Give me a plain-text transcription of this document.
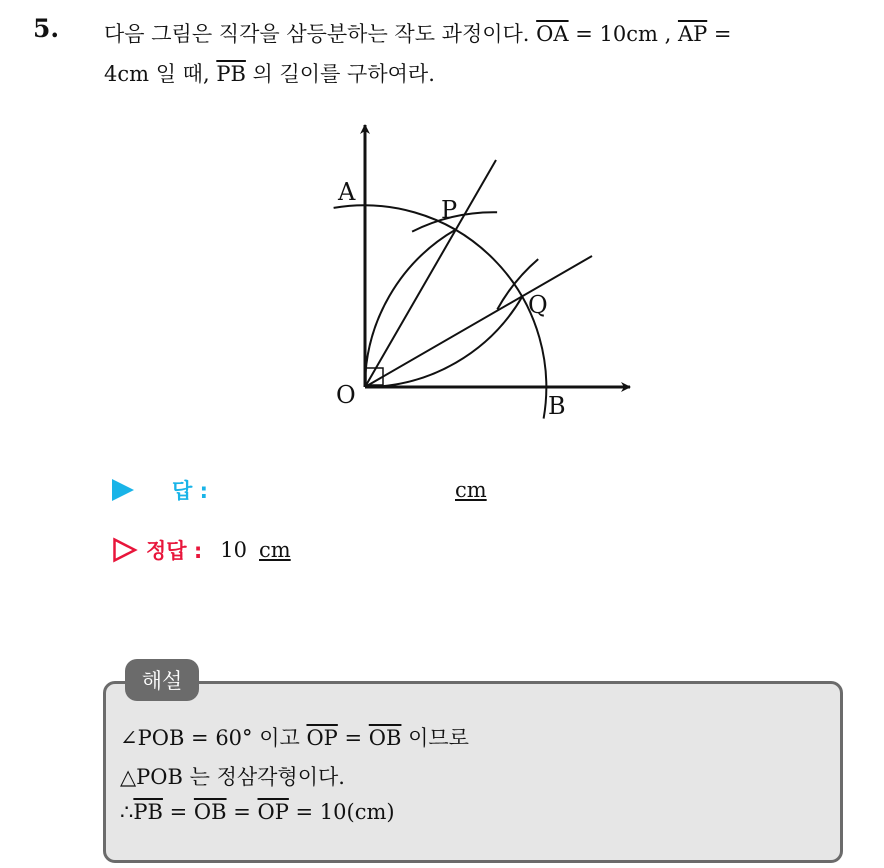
5. 다음 그림은 직각을 삼등분하는 작도 과정이다. $\overline{OA} = 10cm$ , $\overline{AP}$ =
4cm 일 때, $\overline{PB}$ 의 길이를 구하여라.
A
P
Q
O	B
답 :	cm
정답 : 10 cm
해설
∠POB = 60° 이고 $\overline{OP} = \overline{OB}$ 이므로
△POB 는 정삼각형이다.
$\therefore\overline{PB} = \overline{OB} = \overline{OP} = 10(cm)$
